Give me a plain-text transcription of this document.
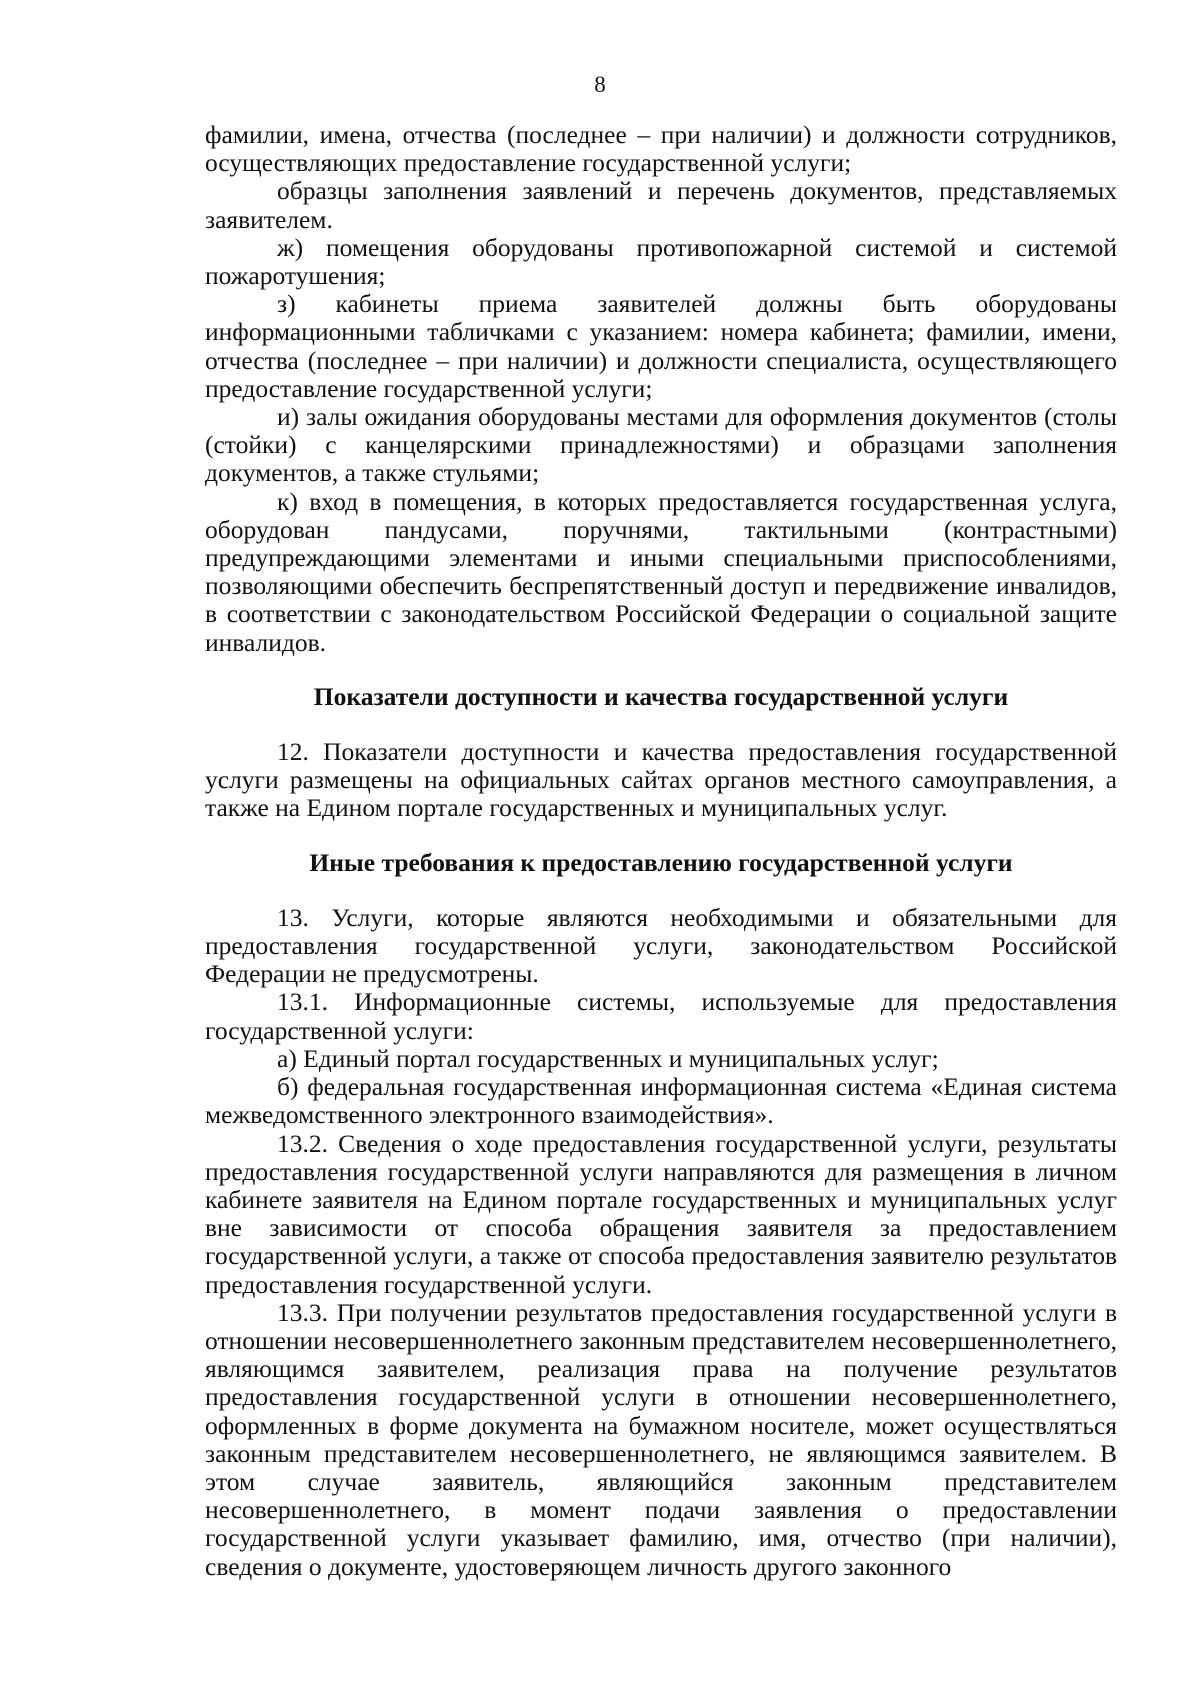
8

фамилии, имена, отчества (последнее – при наличии) и должности сотрудников, осуществляющих предоставление государственной услуги;

образцы заполнения заявлений и перечень документов, представляемых заявителем.

ж) помещения оборудованы противопожарной системой и системой пожаротушения;

з) кабинеты приема заявителей должны быть оборудованы информационными табличками с указанием: номера кабинета; фамилии, имени, отчества (последнее – при наличии) и должности специалиста, осуществляющего предоставление государственной услуги;

и) залы ожидания оборудованы местами для оформления документов (столы (стойки) с канцелярскими принадлежностями) и образцами заполнения документов, а также стульями;

к) вход в помещения, в которых предоставляется государственная услуга, оборудован пандусами, поручнями, тактильными (контрастными) предупреждающими элементами и иными специальными приспособлениями, позволяющими обеспечить беспрепятственный доступ и передвижение инвалидов, в соответствии с законодательством Российской Федерации о социальной защите инвалидов.

Показатели доступности и качества государственной услуги

12. Показатели доступности и качества предоставления государственной услуги размещены на официальных сайтах органов местного самоуправления, а также на Едином портале государственных и муниципальных услуг.

Иные требования к предоставлению государственной услуги

13. Услуги, которые являются необходимыми и обязательными для предоставления государственной услуги, законодательством Российской Федерации не предусмотрены.

13.1. Информационные системы, используемые для предоставления государственной услуги:

а) Единый портал государственных и муниципальных услуг;

б) федеральная государственная информационная система «Единая система межведомственного электронного взаимодействия».

13.2. Сведения о ходе предоставления государственной услуги, результаты предоставления государственной услуги направляются для размещения в личном кабинете заявителя на Едином портале государственных и муниципальных услуг вне зависимости от способа обращения заявителя за предоставлением государственной услуги, а также от способа предоставления заявителю результатов предоставления государственной услуги.

13.3. При получении результатов предоставления государственной услуги в отношении несовершеннолетнего законным представителем несовершеннолетнего, являющимся заявителем, реализация права на получение результатов предоставления государственной услуги в отношении несовершеннолетнего, оформленных в форме документа на бумажном носителе, может осуществляться законным представителем несовершеннолетнего, не являющимся заявителем. В этом случае заявитель, являющийся законным представителем несовершеннолетнего, в момент подачи заявления о предоставлении государственной услуги указывает фамилию, имя, отчество (при наличии), сведения о документе, удостоверяющем личность другого законного
